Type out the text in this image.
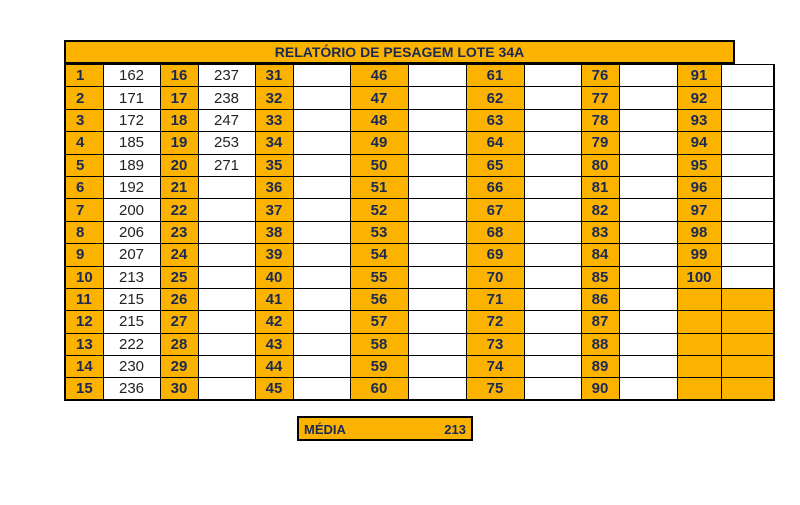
RELATÓRIO DE PESAGEM LOTE 34A
1	162	16	237	31		46		61		76		91	
2	171	17	238	32		47		62		77		92	
3	172	18	247	33		48		63		78		93	
4	185	19	253	34		49		64		79		94	
5	189	20	271	35		50		65		80		95	
6	192	21		36		51		66		81		96	
7	200	22		37		52		67		82		97	
8	206	23		38		53		68		83		98	
9	207	24		39		54		69		84		99	
10	213	25		40		55		70		85		100	
11	215	26		41		56		71		86			
12	215	27		42		57		72		87			
13	222	28		43		58		73		88			
14	230	29		44		59		74		89			
15	236	30		45		60		75		90			
MÉDIA	213
